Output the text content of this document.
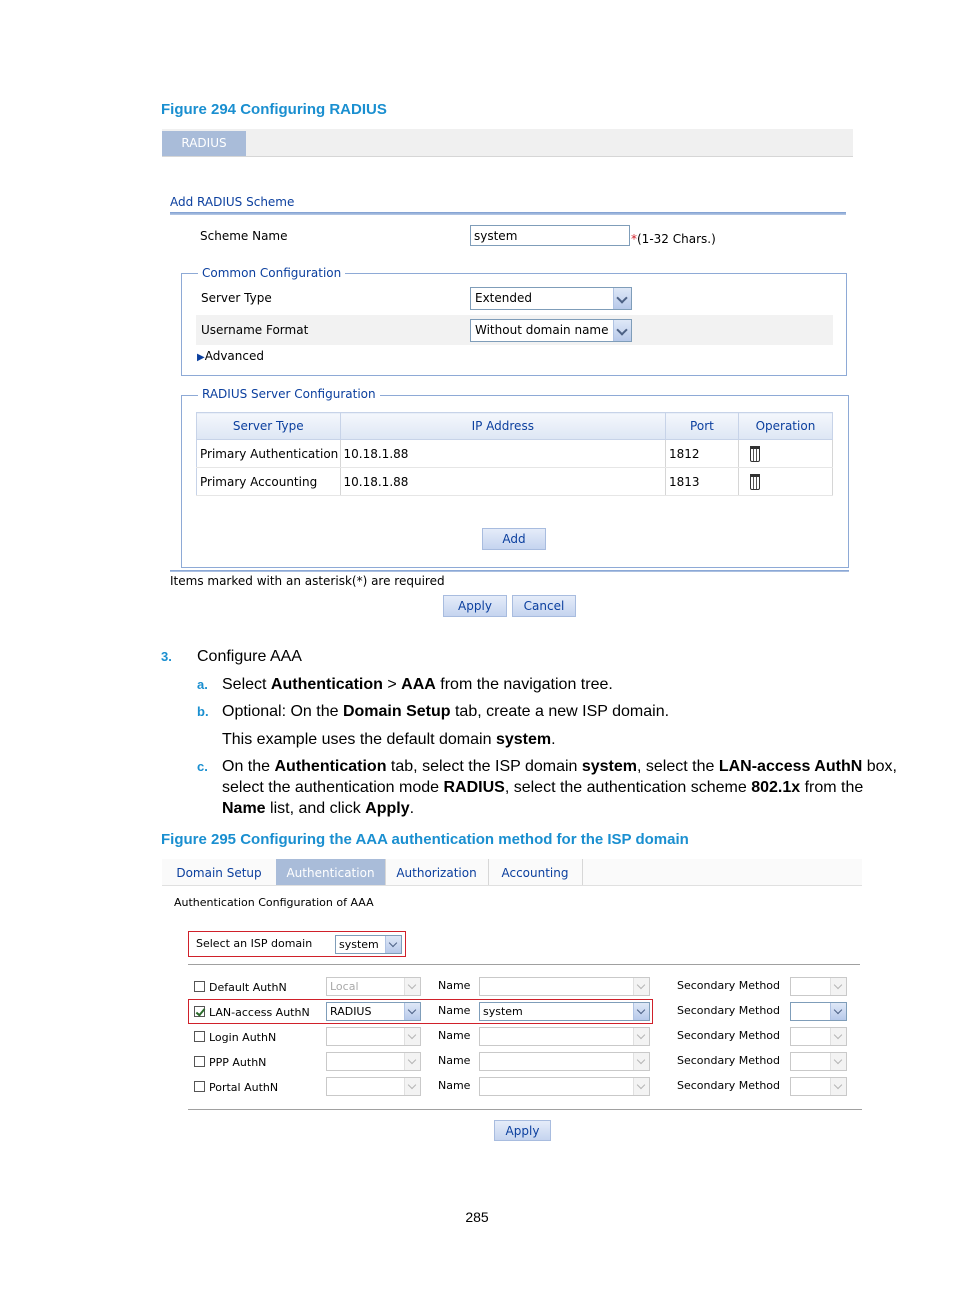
Figure 294 Configuring RADIUS
RADIUS
Add RADIUS Scheme
Scheme Name	system	*(1-32 Chars.)
Common Configuration
Server Type	Extended
Username Format	Without domain name
▶Advanced
RADIUS Server Configuration
Server Type	IP Address	Port	Operation
Primary Authentication	10.18.1.88	1812	
Primary Accounting	10.18.1.88	1813	
Add
Items marked with an asterisk(*) are required
Apply	Cancel
3. Configure AAA
a. Select Authentication > AAA from the navigation tree.
b. Optional: On the Domain Setup tab, create a new ISP domain.
This example uses the default domain system.
c. On the Authentication tab, select the ISP domain system, select the LAN-access AuthN box,
select the authentication mode RADIUS, select the authentication scheme 802.1x from the
Name list, and click Apply.
Figure 295 Configuring the AAA authentication method for the ISP domain
Domain Setup	Authentication	Authorization	Accounting
Authentication Configuration of AAA
Select an ISP domain	system
Default AuthN	Local	Name	Secondary Method
LAN-access AuthN	RADIUS	Name	system	Secondary Method
Login AuthN	Name	Secondary Method
PPP AuthN	Name	Secondary Method
Portal AuthN	Name	Secondary Method
Apply
285
